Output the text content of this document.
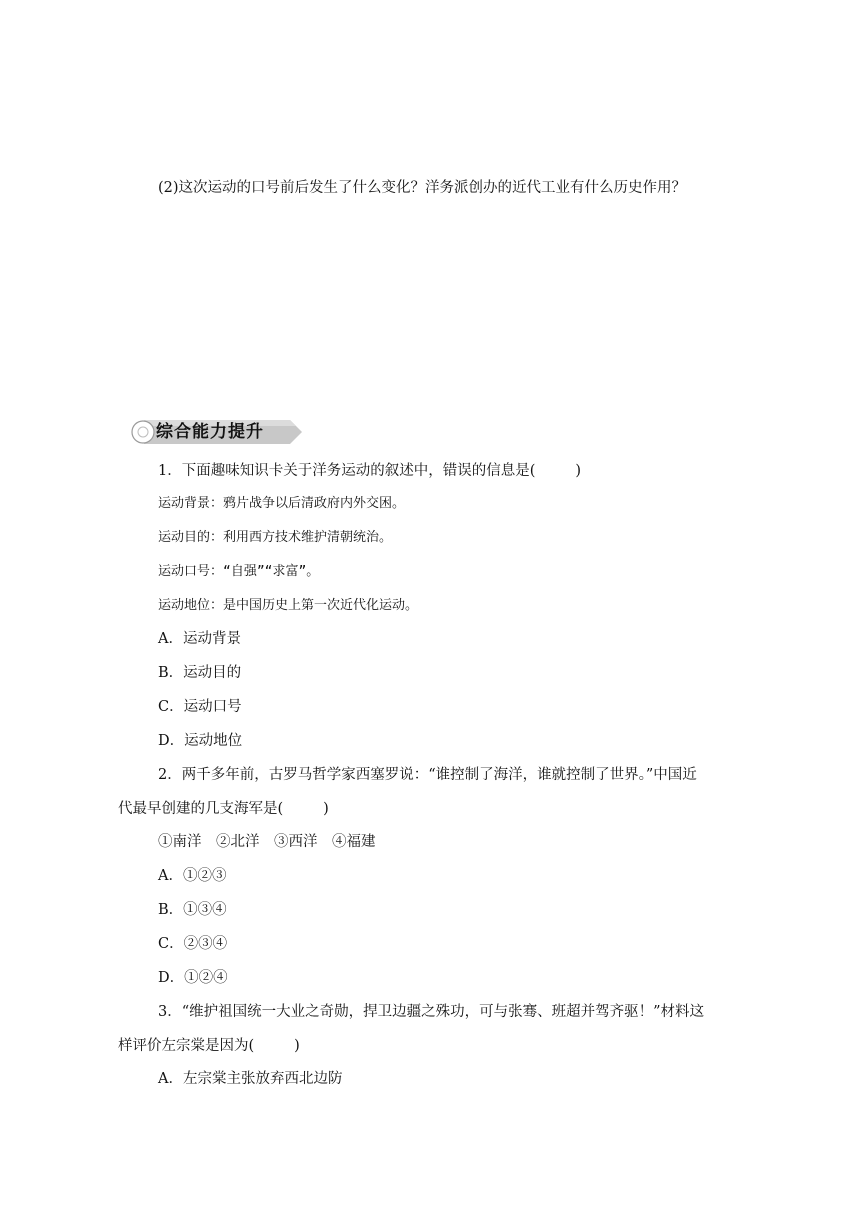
(2)这次运动的口号前后发生了什么变化？洋务派创办的近代工业有什么历史作用？
综合能力提升
1．下面趣味知识卡关于洋务运动的叙述中，错误的信息是(	)
运动背景：鸦片战争以后清政府内外交困。
运动目的：利用西方技术维护清朝统治。
运动口号：“自强”“求富”。
运动地位：是中国历史上第一次近代化运动。
A．运动背景
B．运动目的
C．运动口号
D．运动地位
2．两千多年前，古罗马哲学家西塞罗说：“谁控制了海洋，谁就控制了世界。”中国近
代最早创建的几支海军是(	)
①南洋　②北洋　③西洋　④福建
A．①②③
B．①③④
C．②③④
D．①②④
3．“维护祖国统一大业之奇勋，捍卫边疆之殊功，可与张骞、班超并驾齐驱！”材料这
样评价左宗棠是因为(	)
A．左宗棠主张放弃西北边防
